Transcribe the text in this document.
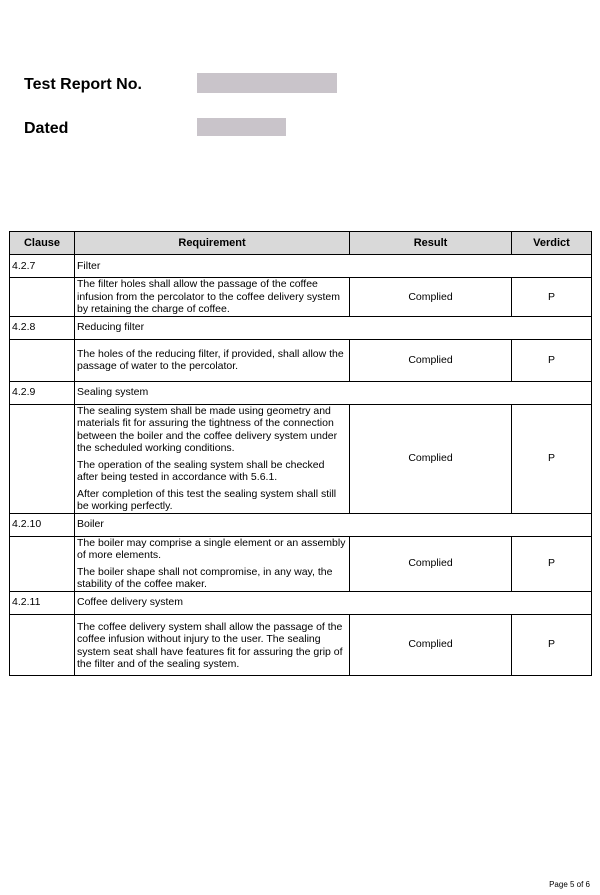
Test Report No.
Dated
Clause	Requirement	Result	Verdict
4.2.7	Filter		

	The filter holes shall allow the passage of the coffee infusion from the percolator to the coffee delivery system by retaining the charge of coffee.	Complied	P
4.2.8	Reducing filter		

	The holes of the reducing filter, if provided, shall allow the passage of water to the percolator.	Complied	P
4.2.9	Sealing system		

	The sealing system shall be made using geometry and materials fit for assuring the tightness of the connection between the boiler and the coffee delivery system under the scheduled working conditions.

The operation of the sealing system shall be checked after being tested in accordance with 5.6.1.

After completion of this test the sealing system shall still be working perfectly.	Complied	P
4.2.10	Boiler		

	The boiler may comprise a single element or an assembly of more elements.

The boiler shape shall not compromise, in any way, the stability of the coffee maker.	Complied	P
4.2.11	Coffee delivery system		

	The coffee delivery system shall allow the passage of the coffee infusion without injury to the user. The sealing system seat shall have features fit for assuring the grip of the filter and of the sealing system.	Complied	P
Page 5 of 6
